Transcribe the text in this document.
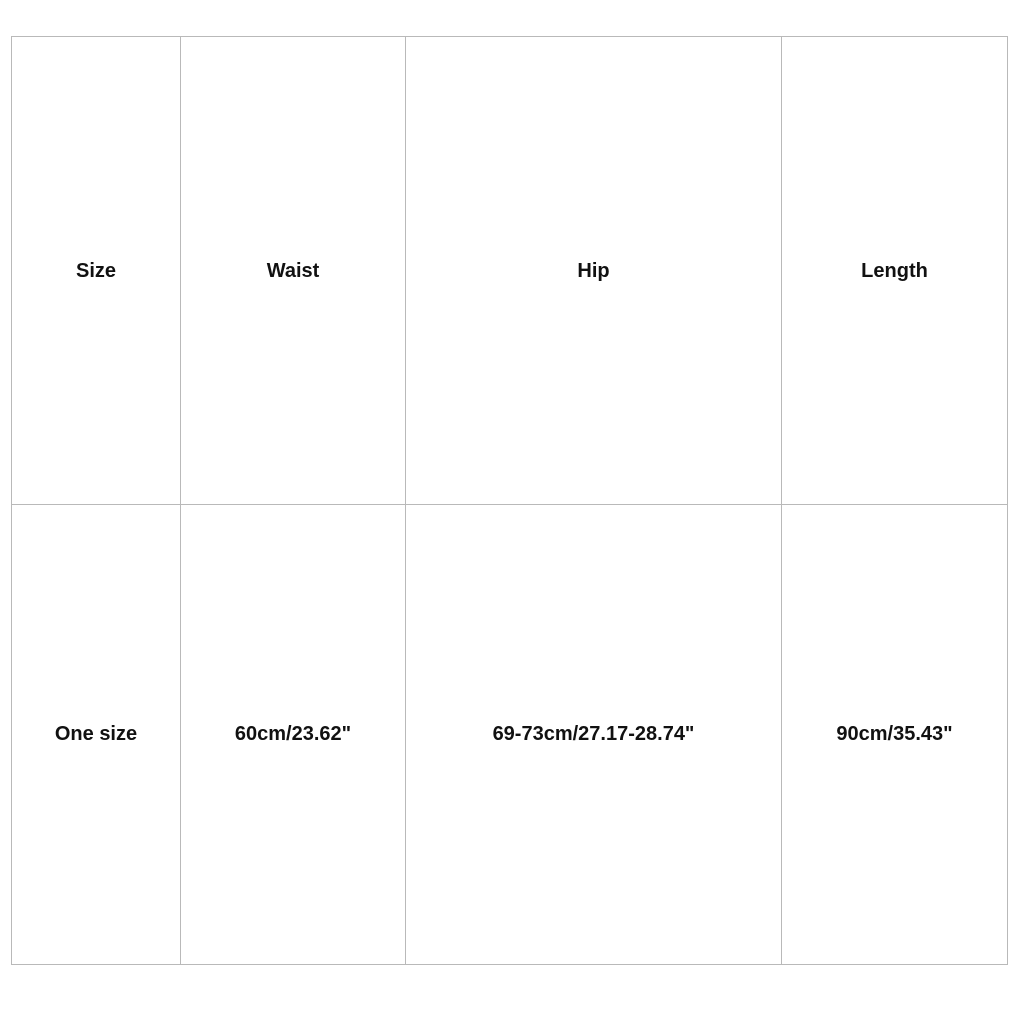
Size	Waist	Hip	Length
One size	60cm/23.62"	69-73cm/27.17-28.74"	90cm/35.43"
